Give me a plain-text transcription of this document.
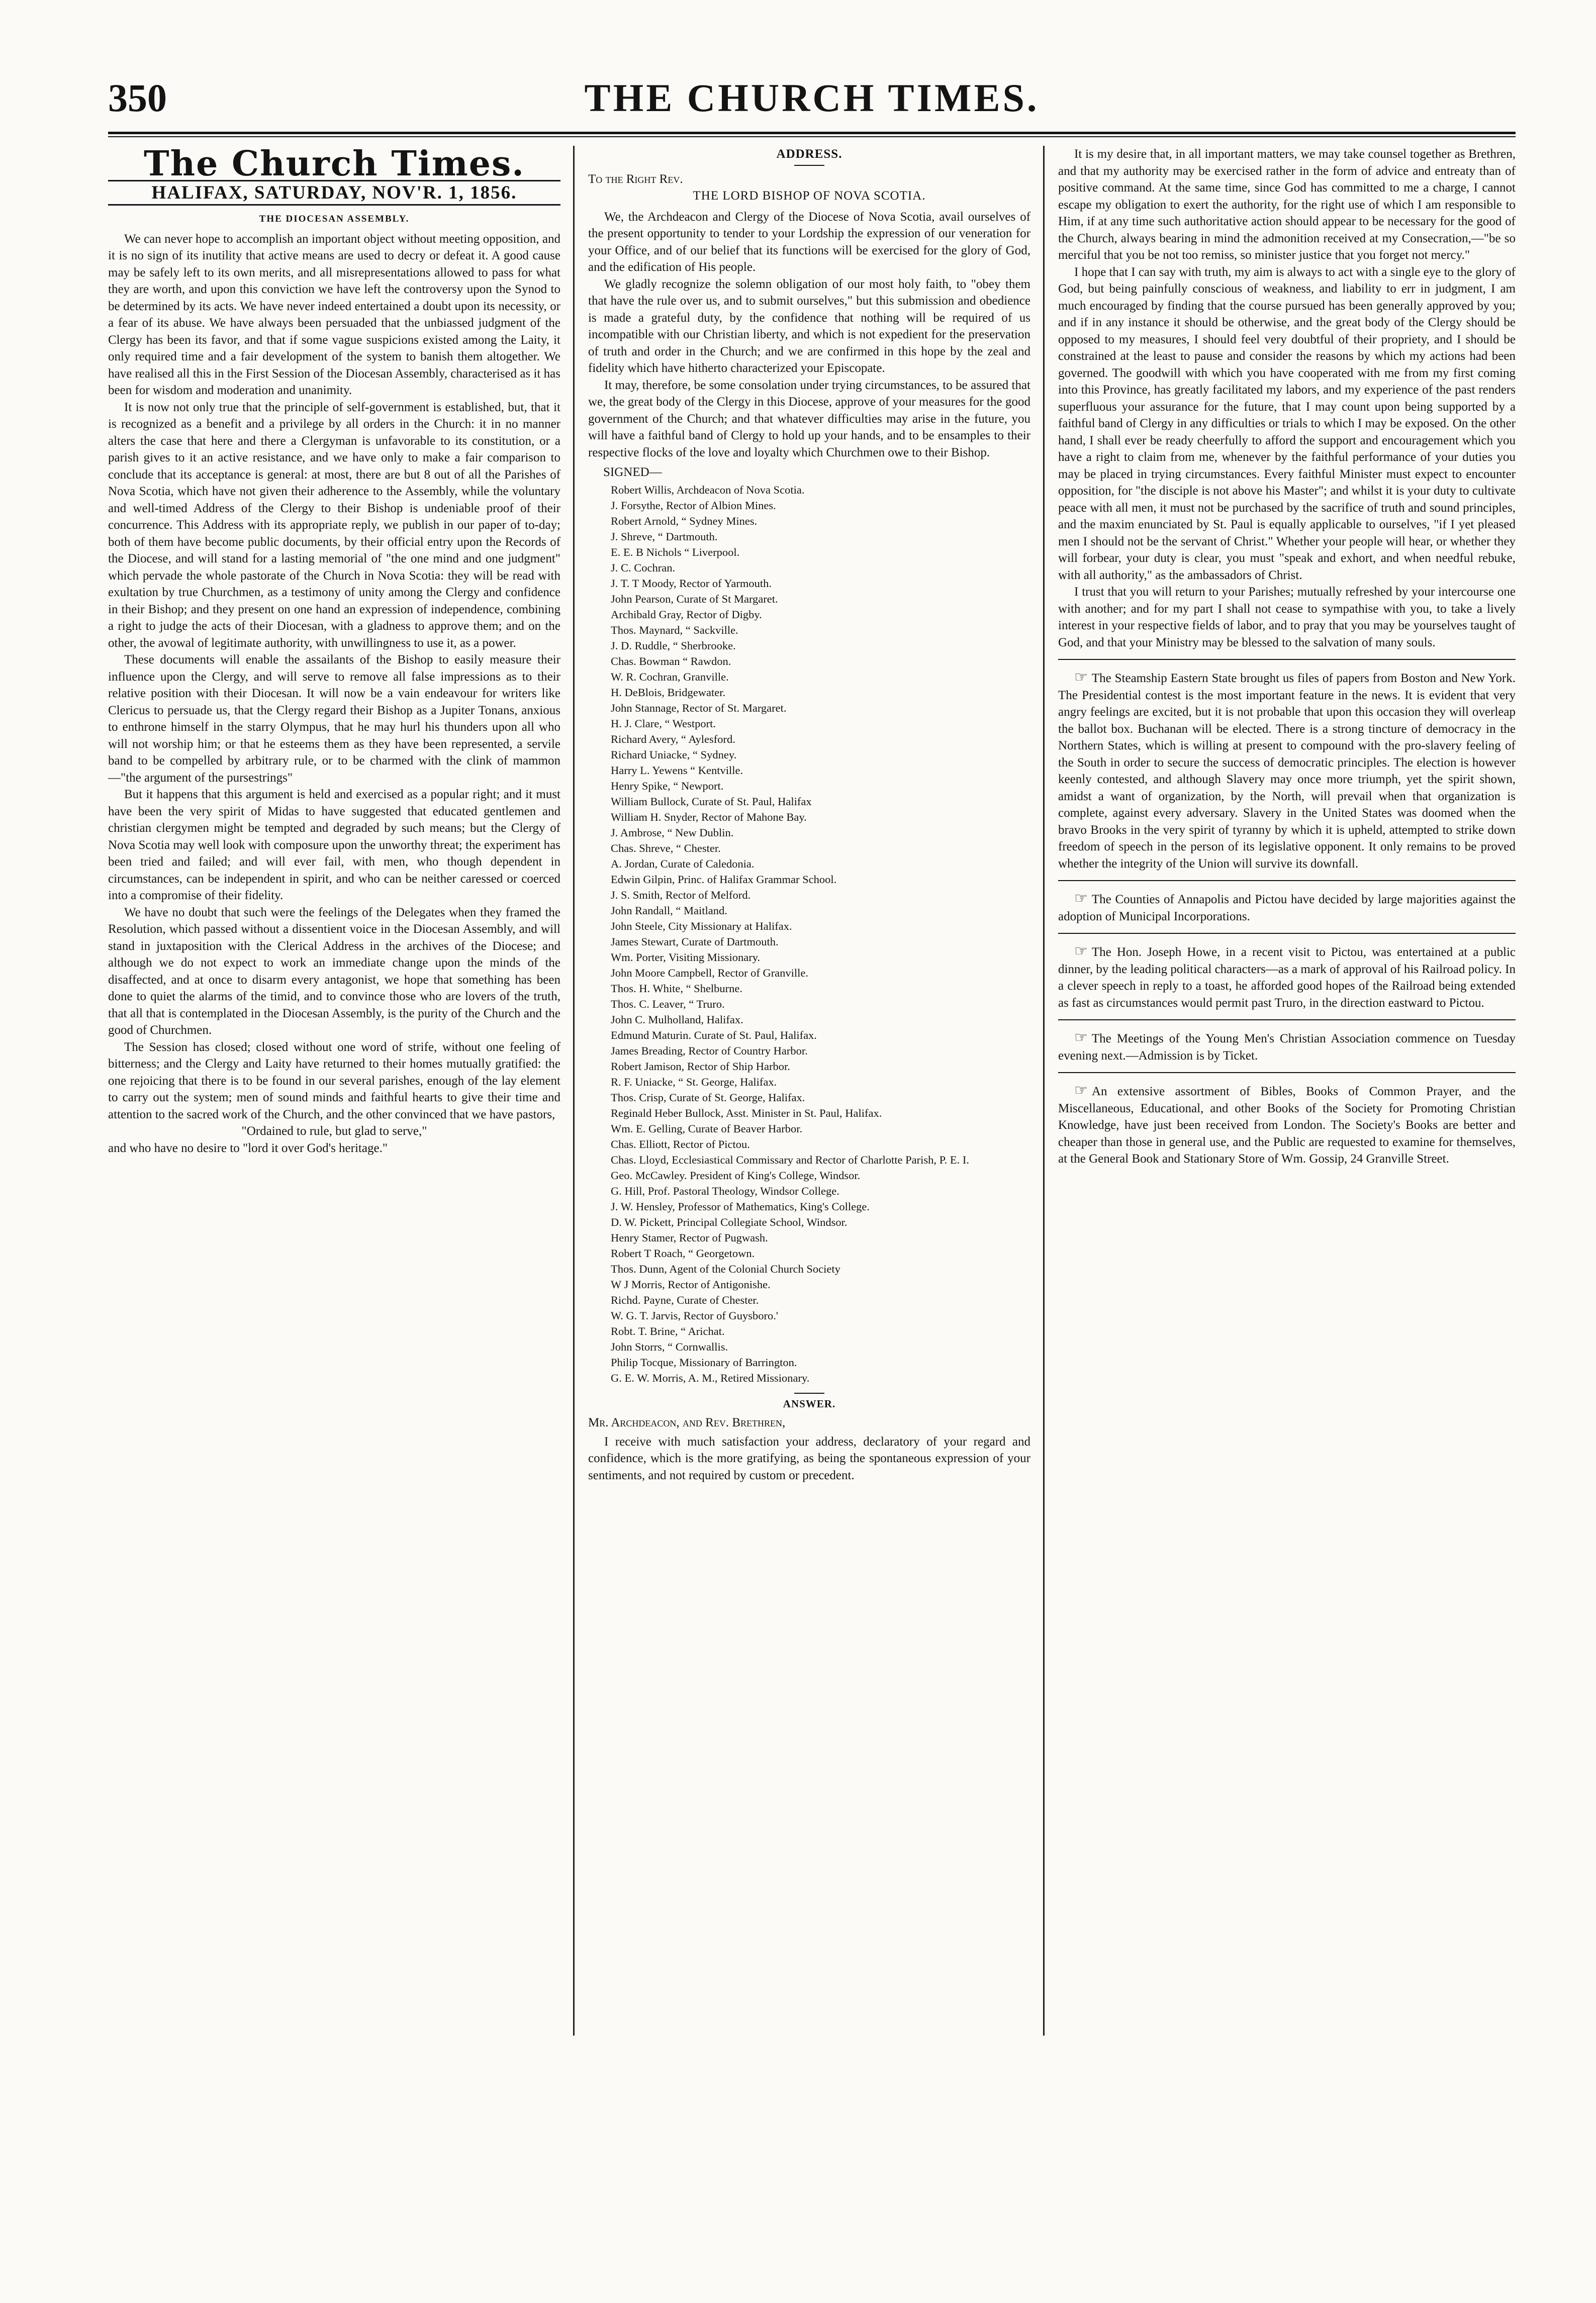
350	THE CHURCH TIMES.
The Church Times.
HALIFAX, SATURDAY, NOV'R. 1, 1856.
THE DIOCESAN ASSEMBLY.

We can never hope to accomplish an important object without meeting opposition, and it is no sign of its inutility that active means are used to decry or defeat it. A good cause may be safely left to its own merits, and all misrepresentations allowed to pass for what they are worth, and upon this conviction we have left the controversy upon the Synod to be determined by its acts. We have never indeed entertained a doubt upon its necessity, or a fear of its abuse. We have always been persuaded that the unbiassed judgment of the Clergy has been its favor, and that if some vague suspicions existed among the Laity, it only required time and a fair development of the system to banish them altogether. We have realised all this in the First Session of the Diocesan Assembly, characterised as it has been for wisdom and moderation and unanimity.

It is now not only true that the principle of self-government is established, but, that it is recognized as a benefit and a privilege by all orders in the Church: it in no manner alters the case that here and there a Clergyman is unfavorable to its constitution, or a parish gives to it an active resistance, and we have only to make a fair comparison to conclude that its acceptance is general: at most, there are but 8 out of all the Parishes of Nova Scotia, which have not given their adherence to the Assembly, while the voluntary and well-timed Address of the Clergy to their Bishop is undeniable proof of their concurrence. This Address with its appropriate reply, we publish in our paper of to-day; both of them have become public documents, by their official entry upon the Records of the Diocese, and will stand for a lasting memorial of "the one mind and one judgment" which pervade the whole pastorate of the Church in Nova Scotia: they will be read with exultation by true Churchmen, as a testimony of unity among the Clergy and confidence in their Bishop; and they present on one hand an expression of independence, combining a right to judge the acts of their Diocesan, with a gladness to approve them; and on the other, the avowal of legitimate authority, with unwillingness to use it, as a power.

These documents will enable the assailants of the Bishop to easily measure their influence upon the Clergy, and will serve to remove all false impressions as to their relative position with their Diocesan. It will now be a vain endeavour for writers like Clericus to persuade us, that the Clergy regard their Bishop as a Jupiter Tonans, anxious to enthrone himself in the starry Olympus, that he may hurl his thunders upon all who will not worship him; or that he esteems them as they have been represented, a servile band to be compelled by arbitrary rule, or to be charmed with the clink of mammon—"the argument of the pursestrings"

But it happens that this argument is held and exercised as a popular right; and it must have been the very spirit of Midas to have suggested that educated gentlemen and christian clergymen might be tempted and degraded by such means; but the Clergy of Nova Scotia may well look with composure upon the unworthy threat; the experiment has been tried and failed; and will ever fail, with men, who though dependent in circumstances, can be independent in spirit, and who can be neither caressed or coerced into a compromise of their fidelity.

We have no doubt that such were the feelings of the Delegates when they framed the Resolution, which passed without a dissentient voice in the Diocesan Assembly, and will stand in juxtaposition with the Clerical Address in the archives of the Diocese; and although we do not expect to work an immediate change upon the minds of the disaffected, and at once to disarm every antagonist, we hope that something has been done to quiet the alarms of the timid, and to convince those who are lovers of the truth, that all that is contemplated in the Diocesan Assembly, is the purity of the Church and the good of Churchmen.

The Session has closed; closed without one word of strife, without one feeling of bitterness; and the Clergy and Laity have returned to their homes mutually gratified: the one rejoicing that there is to be found in our several parishes, enough of the lay element to carry out the system; men of sound minds and faithful hearts to give their time and attention to the sacred work of the Church, and the other convinced that we have pastors,

"Ordained to rule, but glad to serve,"

and who have no desire to "lord it over God's heritage."

ADDRESS.
To the Right Rev.
THE LORD BISHOP OF NOVA SCOTIA.

We, the Archdeacon and Clergy of the Diocese of Nova Scotia, avail ourselves of the present opportunity to tender to your Lordship the expression of our veneration for your Office, and of our belief that its functions will be exercised for the glory of God, and the edification of His people.

We gladly recognize the solemn obligation of our most holy faith, to "obey them that have the rule over us, and to submit ourselves," but this submission and obedience is made a grateful duty, by the confidence that nothing will be required of us incompatible with our Christian liberty, and which is not expedient for the preservation of truth and order in the Church; and we are confirmed in this hope by the zeal and fidelity which have hitherto characterized your Episcopate.

It may, therefore, be some consolation under trying circumstances, to be assured that we, the great body of the Clergy in this Diocese, approve of your measures for the good government of the Church; and that whatever difficulties may arise in the future, you will have a faithful band of Clergy to hold up your hands, and to be ensamples to their respective flocks of the love and loyalty which Churchmen owe to their Bishop.

SIGNED—
Robert Willis, Archdeacon of Nova Scotia.
J. Forsythe, Rector of Albion Mines.
Robert Arnold, “ Sydney Mines.
J. Shreve, “ Dartmouth.
E. E. B Nichols “ Liverpool.
J. C. Cochran.
J. T. T Moody, Rector of Yarmouth.
John Pearson, Curate of St Margaret.
Archibald Gray, Rector of Digby.
Thos. Maynard, “ Sackville.
J. D. Ruddle, “ Sherbrooke.
Chas. Bowman “ Rawdon.
W. R. Cochran, Granville.
H. DeBlois, Bridgewater.
John Stannage, Rector of St. Margaret.
H. J. Clare, “ Westport.
Richard Avery, “ Aylesford.
Richard Uniacke, “ Sydney.
Harry L. Yewens “ Kentville.
Henry Spike, “ Newport.
William Bullock, Curate of St. Paul, Halifax
William H. Snyder, Rector of Mahone Bay.
J. Ambrose, “ New Dublin.
Chas. Shreve, “ Chester.
A. Jordan, Curate of Caledonia.
Edwin Gilpin, Princ. of Halifax Grammar School.
J. S. Smith, Rector of Melford.
John Randall, “ Maitland.
John Steele, City Missionary at Halifax.
James Stewart, Curate of Dartmouth.
Wm. Porter, Visiting Missionary.
John Moore Campbell, Rector of Granville.
Thos. H. White, “ Shelburne.
Thos. C. Leaver, “ Truro.
John C. Mulholland, Halifax.
Edmund Maturin. Curate of St. Paul, Halifax.
James Breading, Rector of Country Harbor.
Robert Jamison, Rector of Ship Harbor.
R. F. Uniacke, “ St. George, Halifax.
Thos. Crisp, Curate of St. George, Halifax.
Reginald Heber Bullock, Asst. Minister in St. Paul, Halifax.
Wm. E. Gelling, Curate of Beaver Harbor.
Chas. Elliott, Rector of Pictou.
Chas. Lloyd, Ecclesiastical Commissary and Rector of Charlotte Parish, P. E. I.
Geo. McCawley. President of King's College, Windsor.
G. Hill, Prof. Pastoral Theology, Windsor College.
J. W. Hensley, Professor of Mathematics, King's College.
D. W. Pickett, Principal Collegiate School, Windsor.
Henry Stamer, Rector of Pugwash.
Robert T Roach, “ Georgetown.
Thos. Dunn, Agent of the Colonial Church Society
W J Morris, Rector of Antigonishe.
Richd. Payne, Curate of Chester.
W. G. T. Jarvis, Rector of Guysboro.'
Robt. T. Brine, “ Arichat.
John Storrs, “ Cornwallis.
Philip Tocque, Missionary of Barrington.
G. E. W. Morris, A. M., Retired Missionary.
ANSWER.
Mr. Archdeacon, and Rev. Brethren,

I receive with much satisfaction your address, declaratory of your regard and confidence, which is the more gratifying, as being the spontaneous expression of your sentiments, and not required by custom or precedent.

It is my desire that, in all important matters, we may take counsel together as Brethren, and that my authority may be exercised rather in the form of advice and entreaty than of positive command. At the same time, since God has committed to me a charge, I cannot escape my obligation to exert the authority, for the right use of which I am responsible to Him, if at any time such authoritative action should appear to be necessary for the good of the Church, always bearing in mind the admonition received at my Consecration,—"be so merciful that you be not too remiss, so minister justice that you forget not mercy."

I hope that I can say with truth, my aim is always to act with a single eye to the glory of God, but being painfully conscious of weakness, and liability to err in judgment, I am much encouraged by finding that the course pursued has been generally approved by you; and if in any instance it should be otherwise, and the great body of the Clergy should be opposed to my measures, I should feel very doubtful of their propriety, and I should be constrained at the least to pause and consider the reasons by which my actions had been governed. The goodwill with which you have cooperated with me from my first coming into this Province, has greatly facilitated my labors, and my experience of the past renders superfluous your assurance for the future, that I may count upon being supported by a faithful band of Clergy in any difficulties or trials to which I may be exposed. On the other hand, I shall ever be ready cheerfully to afford the support and encouragement which you have a right to claim from me, whenever by the faithful performance of your duties you may be placed in trying circumstances. Every faithful Minister must expect to encounter opposition, for "the disciple is not above his Master"; and whilst it is your duty to cultivate peace with all men, it must not be purchased by the sacrifice of truth and sound principles, and the maxim enunciated by St. Paul is equally applicable to ourselves, "if I yet pleased men I should not be the servant of Christ." Whether your people will hear, or whether they will forbear, your duty is clear, you must "speak and exhort, and when needful rebuke, with all authority," as the ambassadors of Christ.

I trust that you will return to your Parishes; mutually refreshed by your intercourse one with another; and for my part I shall not cease to sympathise with you, to take a lively interest in your respective fields of labor, and to pray that you may be yourselves taught of God, and that your Ministry may be blessed to the salvation of many souls.

☞ The Steamship Eastern State brought us files of papers from Boston and New York. The Presidential contest is the most important feature in the news. It is evident that very angry feelings are excited, but it is not probable that upon this occasion they will overleap the ballot box. Buchanan will be elected. There is a strong tincture of democracy in the Northern States, which is willing at present to compound with the pro-slavery feeling of the South in order to secure the success of democratic principles. The election is however keenly contested, and although Slavery may once more triumph, yet the spirit shown, amidst a want of organization, by the North, will prevail when that organization is complete, against every adversary. Slavery in the United States was doomed when the bravo Brooks in the very spirit of tyranny by which it is upheld, attempted to strike down freedom of speech in the person of its legislative opponent. It only remains to be proved whether the integrity of the Union will survive its downfall.

☞ The Counties of Annapolis and Pictou have decided by large majorities against the adoption of Municipal Incorporations.

☞ The Hon. Joseph Howe, in a recent visit to Pictou, was entertained at a public dinner, by the leading political characters—as a mark of approval of his Railroad policy. In a clever speech in reply to a toast, he afforded good hopes of the Railroad being extended as fast as circumstances would permit past Truro, in the direction eastward to Pictou.

☞ The Meetings of the Young Men's Christian Association commence on Tuesday evening next.—Admission is by Ticket.

☞ An extensive assortment of Bibles, Books of Common Prayer, and the Miscellaneous, Educational, and other Books of the Society for Promoting Christian Knowledge, have just been received from London. The Society's Books are better and cheaper than those in general use, and the Public are requested to examine for themselves, at the General Book and Stationary Store of Wm. Gossip, 24 Granville Street.
